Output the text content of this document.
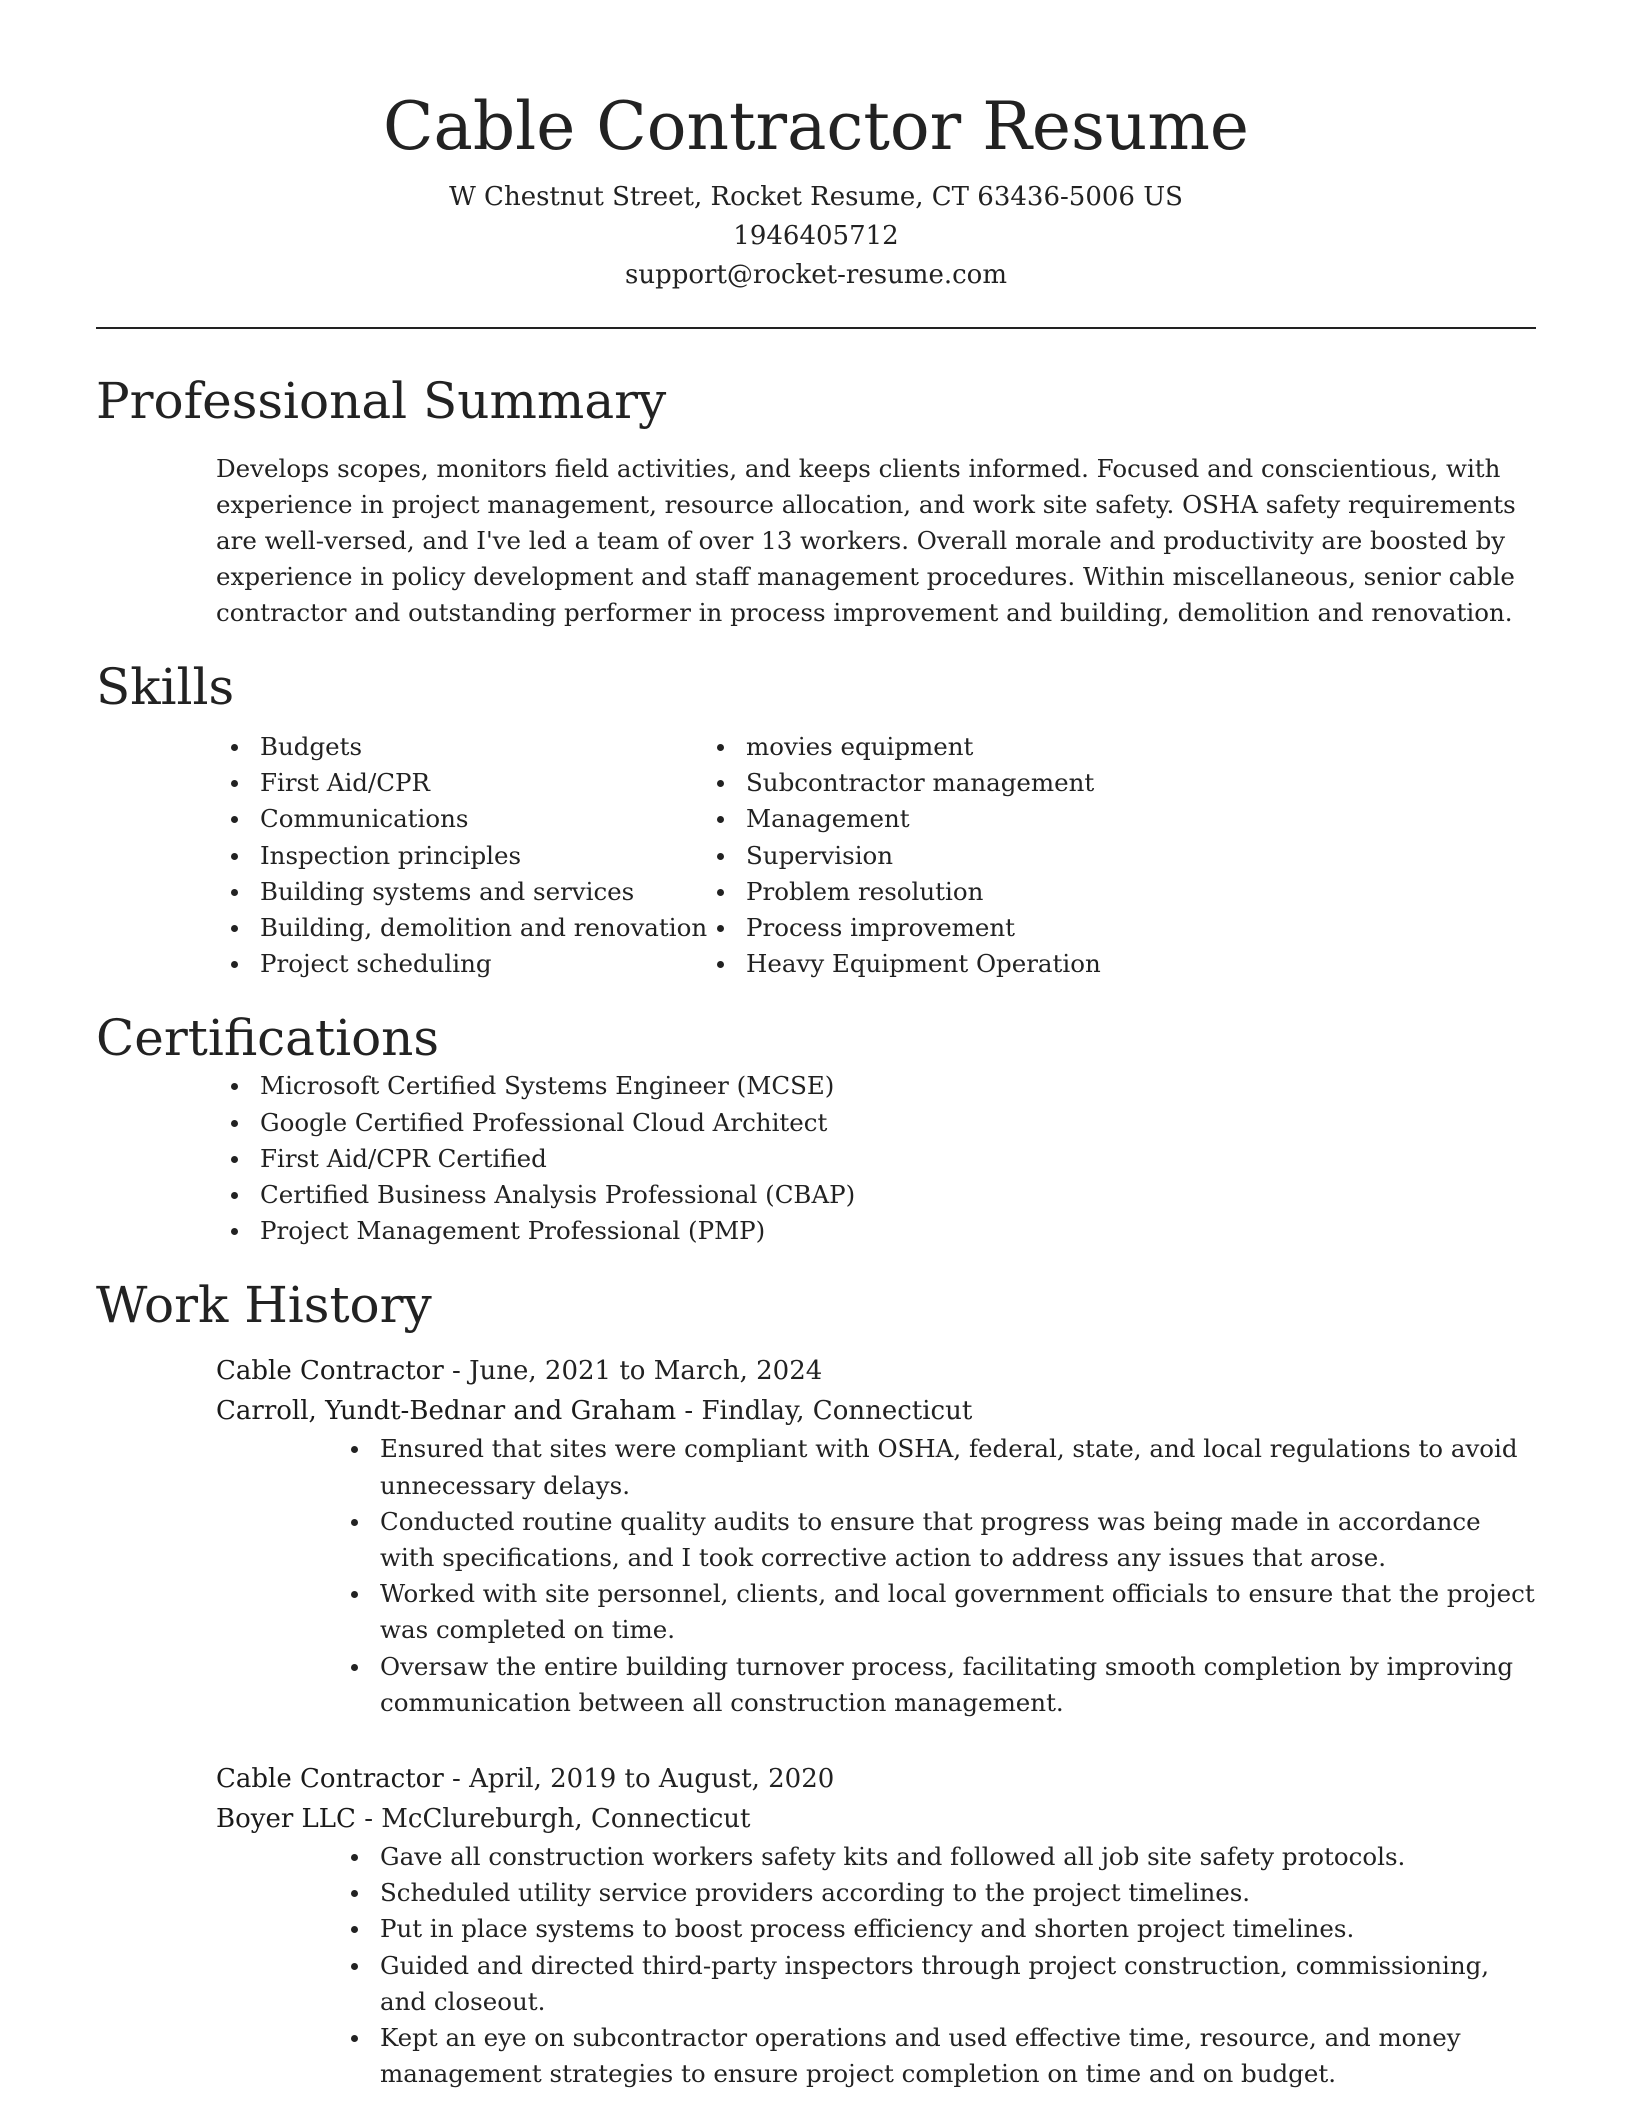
Cable Contractor Resume
W Chestnut Street, Rocket Resume, CT 63436-5006 US
1946405712
support@rocket-resume.com
Professional Summary

Develops scopes, monitors field activities, and keeps clients informed. Focused and conscientious, with experience in project management, resource allocation, and work site safety. OSHA safety requirements are well-versed, and I've led a team of over 13 workers. Overall morale and productivity are boosted by experience in policy development and staff management procedures. Within miscellaneous, senior cable contractor and outstanding performer in process improvement and building, demolition and renovation.

Skills
Budgets
First Aid/CPR
Communications
Inspection principles
Building systems and services
Building, demolition and renovation
Project scheduling
movies equipment
Subcontractor management
Management
Supervision
Problem resolution
Process improvement
Heavy Equipment Operation
Certifications
Microsoft Certified Systems Engineer (MCSE)
Google Certified Professional Cloud Architect
First Aid/CPR Certified
Certified Business Analysis Professional (CBAP)
Project Management Professional (PMP)
Work History
Cable Contractor - June, 2021 to March, 2024
Carroll, Yundt-Bednar and Graham - Findlay, Connecticut
Ensured that sites were compliant with OSHA, federal, state, and local regulations to avoid unnecessary delays.
Conducted routine quality audits to ensure that progress was being made in accordance with specifications, and I took corrective action to address any issues that arose.
Worked with site personnel, clients, and local government officials to ensure that the project was completed on time.
Oversaw the entire building turnover process, facilitating smooth completion by improving communication between all construction management.
Cable Contractor - April, 2019 to August, 2020
Boyer LLC - McClureburgh, Connecticut
Gave all construction workers safety kits and followed all job site safety protocols.
Scheduled utility service providers according to the project timelines.
Put in place systems to boost process efficiency and shorten project timelines.
Guided and directed third-party inspectors through project construction, commissioning, and closeout.
Kept an eye on subcontractor operations and used effective time, resource, and money management strategies to ensure project completion on time and on budget.
